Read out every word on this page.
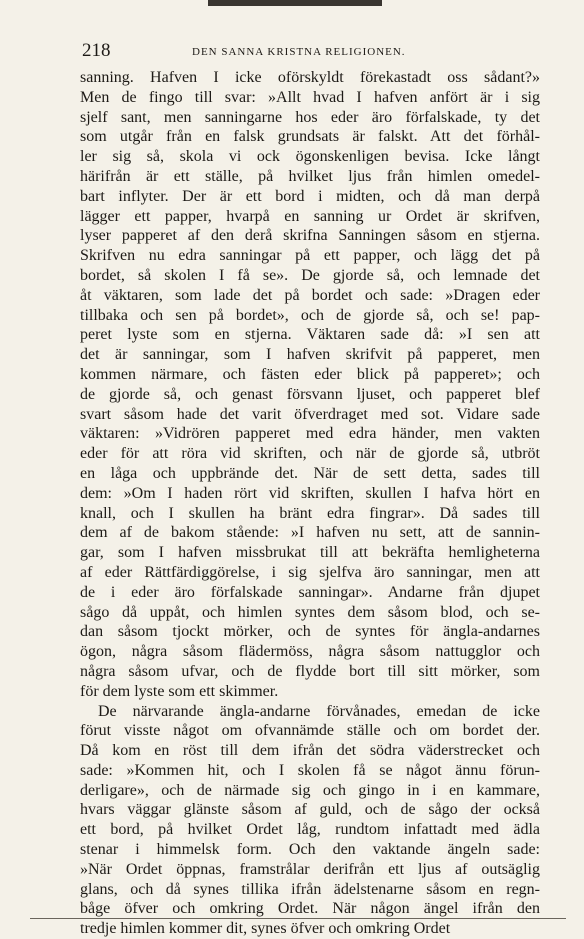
218	DEN SANNA KRISTNA RELIGIONEN.
sanning. Hafven I icke oförskyldt förekastadt oss sådant?»
Men de fingo till svar: »Allt hvad I hafven anfört är i sig
sjelf sant, men sanningarne hos eder äro förfalskade, ty det
som utgår från en falsk grundsats är falskt. Att det förhål-
ler sig så, skola vi ock ögonskenligen bevisa. Icke långt
härifrån är ett ställe, på hvilket ljus från himlen omedel-
bart inflyter. Der är ett bord i midten, och då man derpå
lägger ett papper, hvarpå en sanning ur Ordet är skrifven,
lyser papperet af den derå skrifna Sanningen såsom en stjerna.
Skrifven nu edra sanningar på ett papper, och lägg det på
bordet, så skolen I få se». De gjorde så, och lemnade det
åt väktaren, som lade det på bordet och sade: »Dragen eder
tillbaka och sen på bordet», och de gjorde så, och se! pap-
peret lyste som en stjerna. Väktaren sade då: »I sen att
det är sanningar, som I hafven skrifvit på papperet, men
kommen närmare, och fästen eder blick på papperet»; och
de gjorde så, och genast försvann ljuset, och papperet blef
svart såsom hade det varit öfverdraget med sot. Vidare sade
väktaren: »Vidrören papperet med edra händer, men vakten
eder för att röra vid skriften, och när de gjorde så, utbröt
en låga och uppbrände det. När de sett detta, sades till
dem: »Om I haden rört vid skriften, skullen I hafva hört en
knall, och I skullen ha bränt edra fingrar». Då sades till
dem af de bakom stående: »I hafven nu sett, att de sannin-
gar, som I hafven missbrukat till att bekräfta hemligheterna
af eder Rättfärdiggörelse, i sig sjelfva äro sanningar, men att
de i eder äro förfalskade sanningar». Andarne från djupet
sågo då uppåt, och himlen syntes dem såsom blod, och se-
dan såsom tjockt mörker, och de syntes för ängla-andarnes
ögon, några såsom flädermöss, några såsom nattugglor och
några såsom ufvar, och de flydde bort till sitt mörker, som
för dem lyste som ett skimmer.
De närvarande ängla-andarne förvånades, emedan de icke
förut visste något om ofvannämde ställe och om bordet der.
Då kom en röst till dem ifrån det södra väderstrecket och
sade: »Kommen hit, och I skolen få se något ännu förun-
derligare», och de närmade sig och gingo in i en kammare,
hvars väggar glänste såsom af guld, och de sågo der också
ett bord, på hvilket Ordet låg, rundtom infattadt med ädla
stenar i himmelsk form. Och den vaktande ängeln sade:
»När Ordet öppnas, framstrålar derifrån ett ljus af outsäglig
glans, och då synes tillika ifrån ädelstenarne såsom en regn-
båge öfver och omkring Ordet. När någon ängel ifrån den
tredje himlen kommer dit, synes öfver och omkring Ordet
